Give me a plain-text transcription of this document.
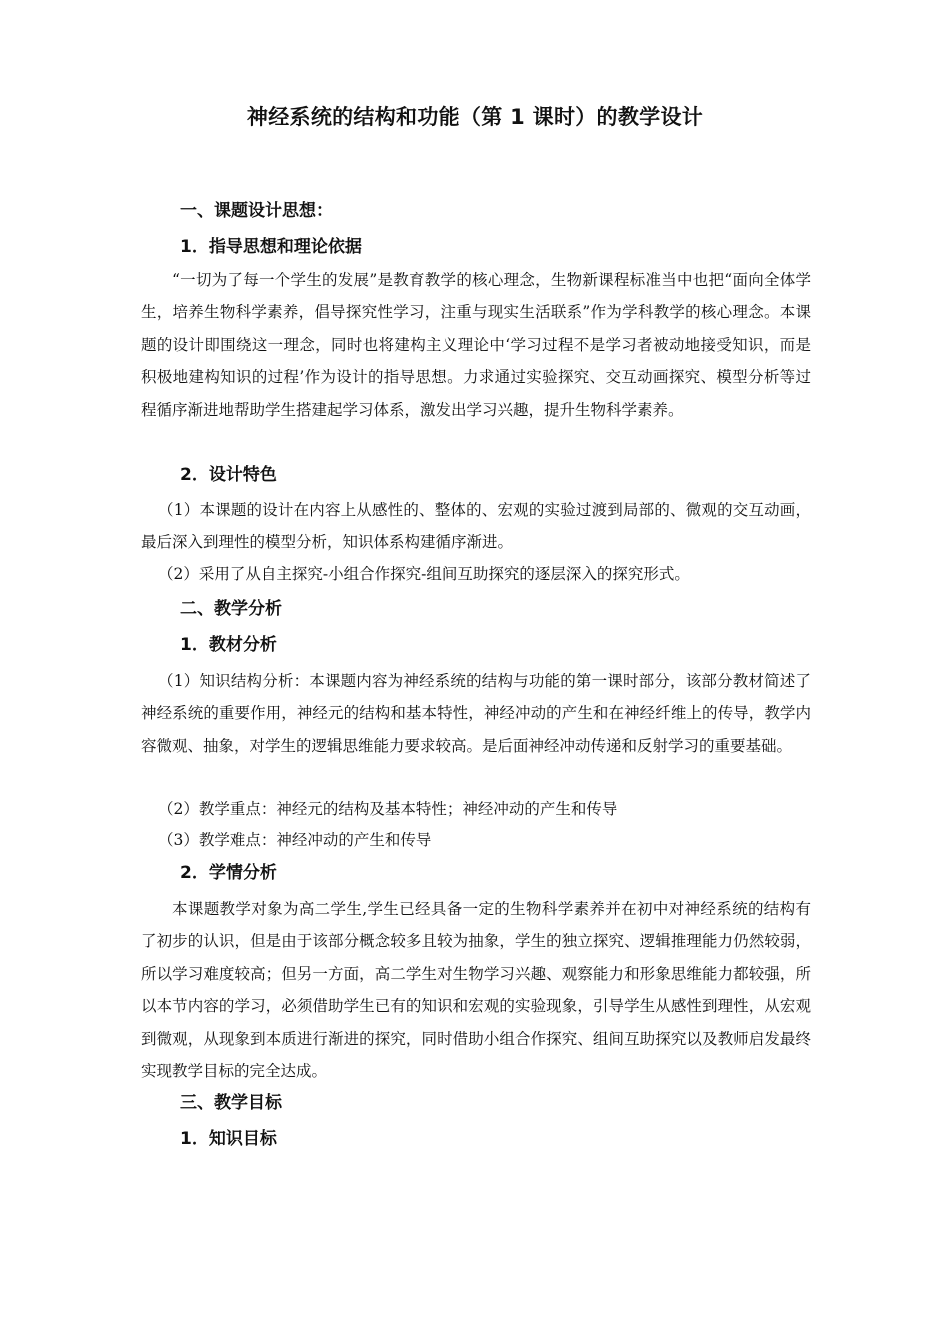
神经系统的结构和功能（第 1 课时）的教学设计
一、课题设计思想：
1．指导思想和理论依据

“一切为了每一个学生的发展”是教育教学的核心理念，生物新课程标准当中也把“面向全体学生，培养生物科学素养，倡导探究性学习，注重与现实生活联系”作为学科教学的核心理念。本课题的设计即围绕这一理念，同时也将建构主义理论中‘学习过程不是学习者被动地接受知识，而是积极地建构知识的过程’作为设计的指导思想。力求通过实验探究、交互动画探究、模型分析等过程循序渐进地帮助学生搭建起学习体系，激发出学习兴趣，提升生物科学素养。

2．设计特色

（1）本课题的设计在内容上从感性的、整体的、宏观的实验过渡到局部的、微观的交互动画，最后深入到理性的模型分析，知识体系构建循序渐进。

（2）采用了从自主探究-小组合作探究-组间互助探究的逐层深入的探究形式。

二、教学分析
1．教材分析

（1）知识结构分析：本课题内容为神经系统的结构与功能的第一课时部分，该部分教材简述了神经系统的重要作用，神经元的结构和基本特性，神经冲动的产生和在神经纤维上的传导，教学内容微观、抽象，对学生的逻辑思维能力要求较高。是后面神经冲动传递和反射学习的重要基础。

（2）教学重点：神经元的结构及基本特性；神经冲动的产生和传导

（3）教学难点：神经冲动的产生和传导

2．学情分析

本课题教学对象为高二学生,学生已经具备一定的生物科学素养并在初中对神经系统的结构有了初步的认识，但是由于该部分概念较多且较为抽象，学生的独立探究、逻辑推理能力仍然较弱，所以学习难度较高；但另一方面，高二学生对生物学习兴趣、观察能力和形象思维能力都较强，所以本节内容的学习，必须借助学生已有的知识和宏观的实验现象，引导学生从感性到理性，从宏观到微观，从现象到本质进行渐进的探究，同时借助小组合作探究、组间互助探究以及教师启发最终实现教学目标的完全达成。

三、教学目标
1．知识目标
